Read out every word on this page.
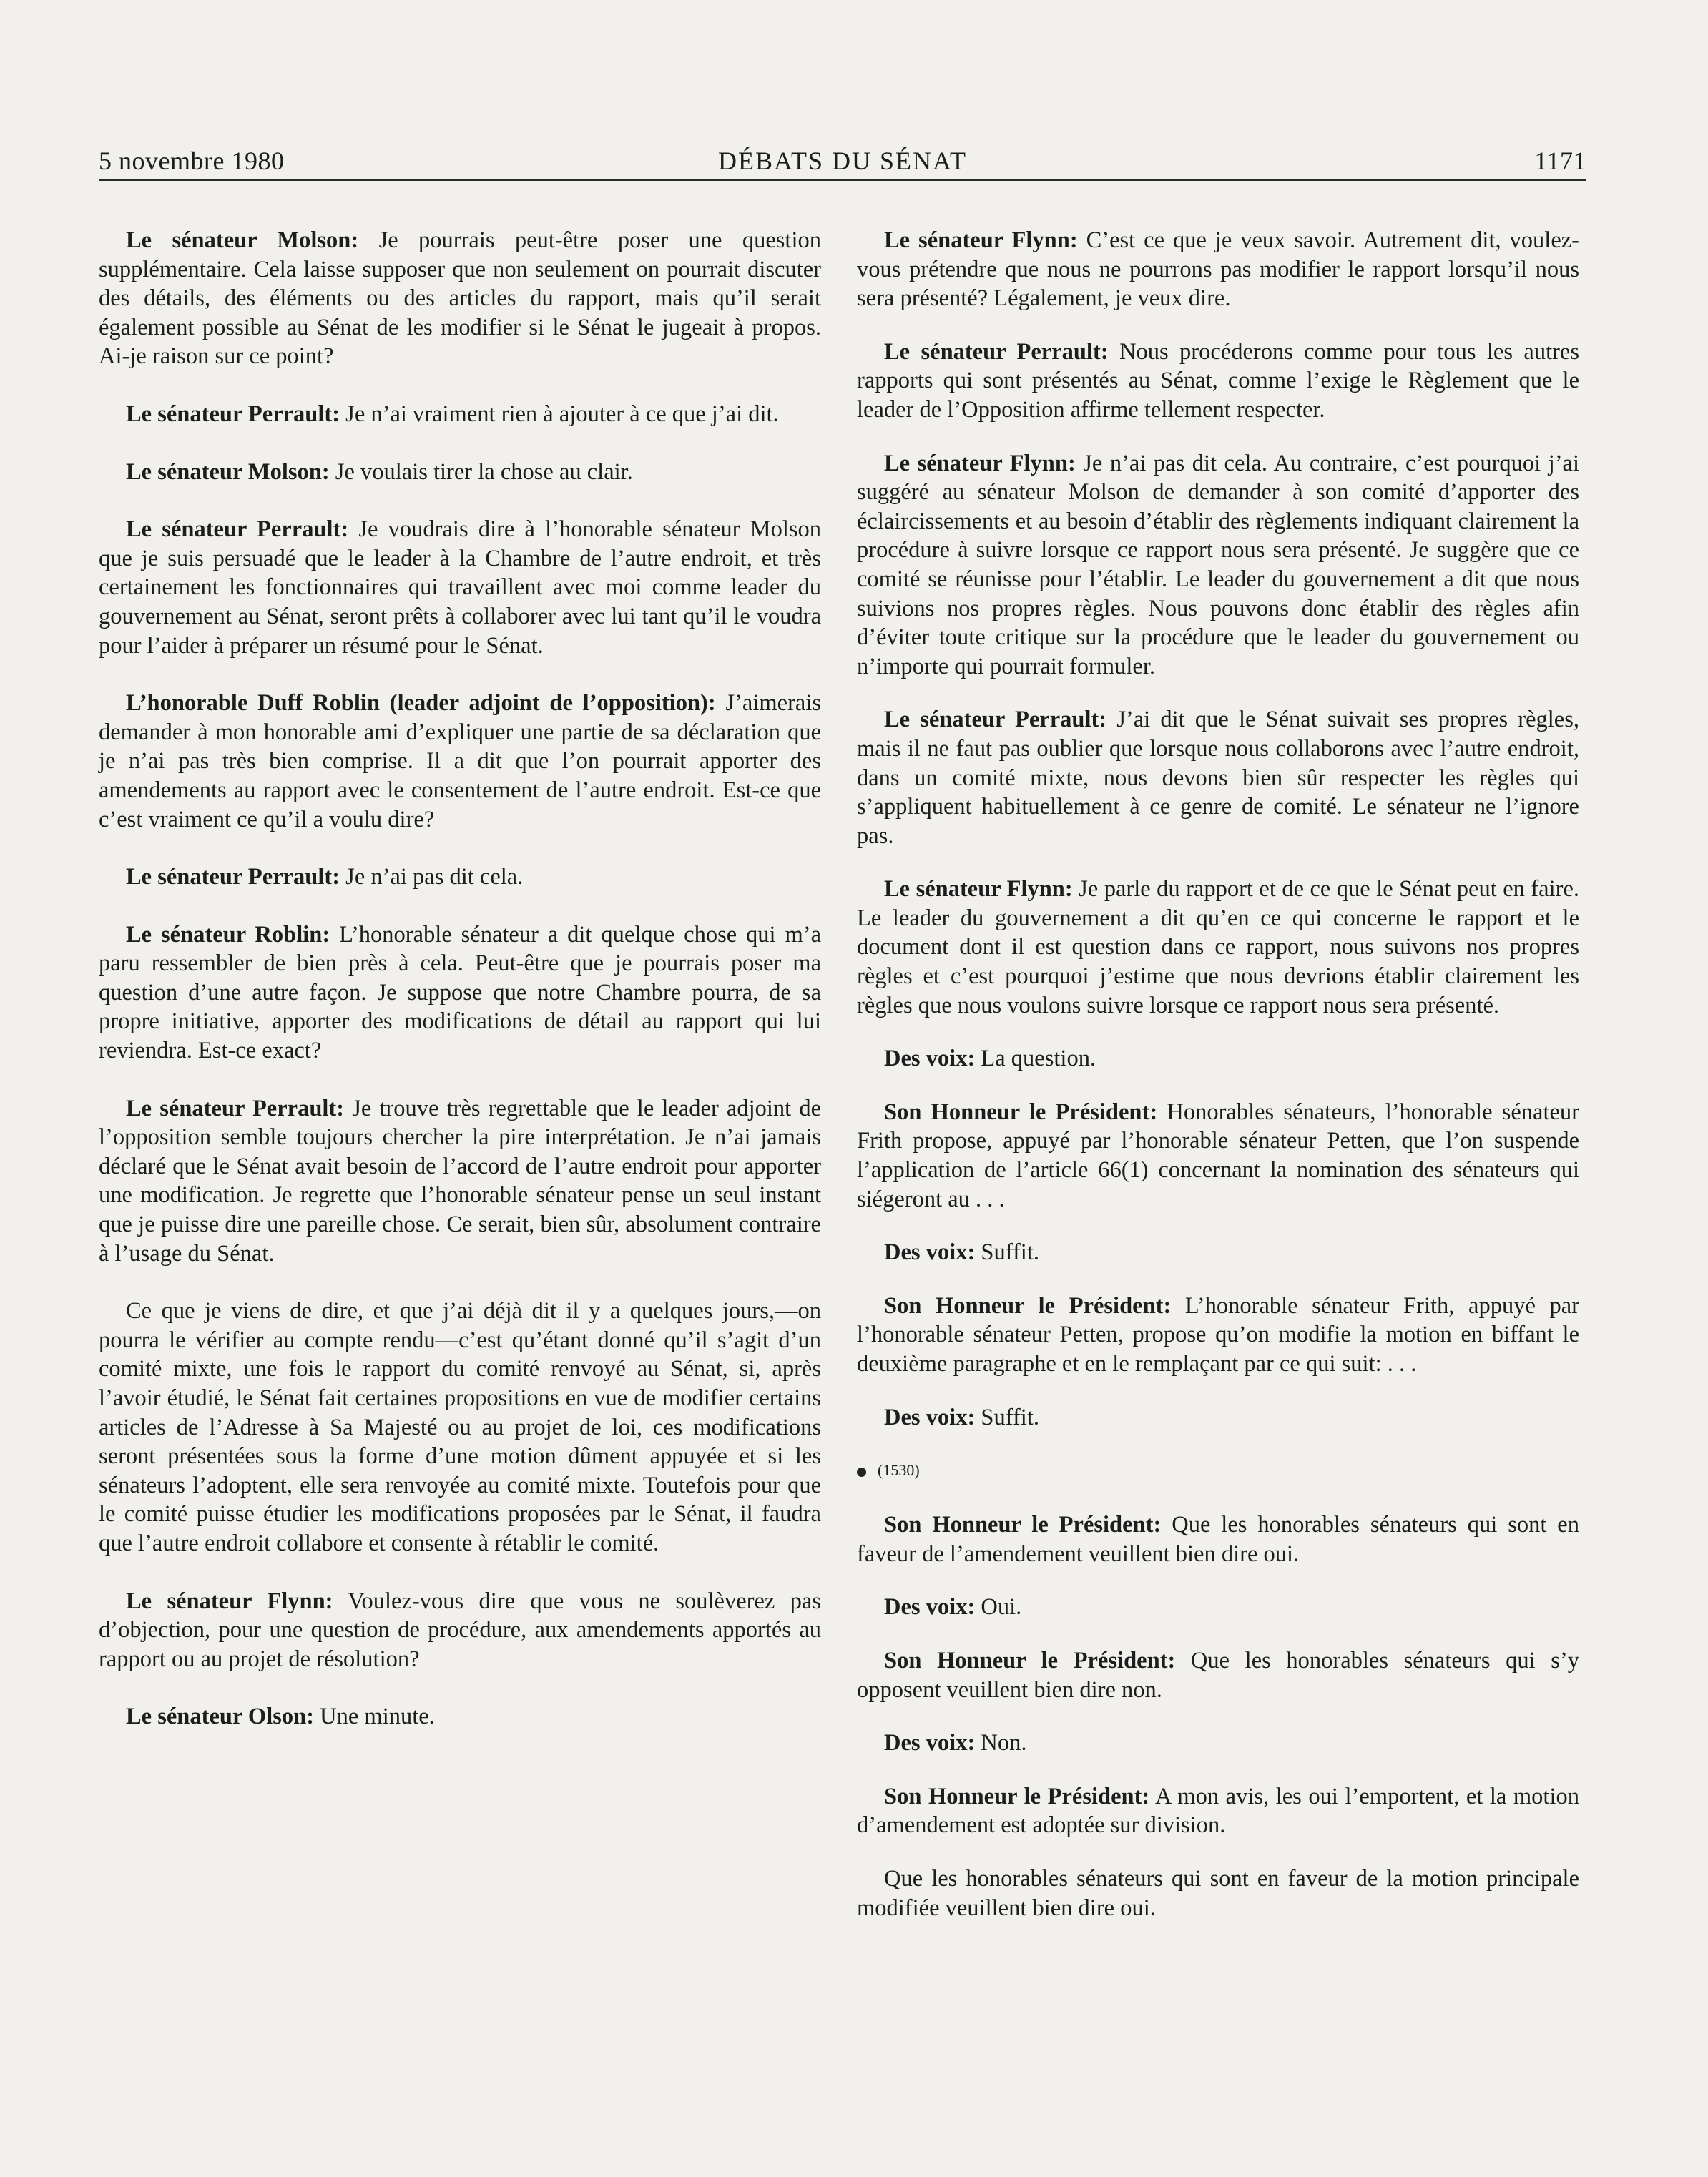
5 novembre 1980	DÉBATS DU SÉNAT	1171

Le sénateur Molson: Je pourrais peut-être poser une question supplémentaire. Cela laisse supposer que non seulement on pourrait discuter des détails, des éléments ou des articles du rapport, mais qu’il serait également possible au Sénat de les modifier si le Sénat le jugeait à propos. Ai-je raison sur ce point?

Le sénateur Perrault: Je n’ai vraiment rien à ajouter à ce que j’ai dit.

Le sénateur Molson: Je voulais tirer la chose au clair.

Le sénateur Perrault: Je voudrais dire à l’honorable sénateur Molson que je suis persuadé que le leader à la Chambre de l’autre endroit, et très certainement les fonctionnaires qui travaillent avec moi comme leader du gouvernement au Sénat, seront prêts à collaborer avec lui tant qu’il le voudra pour l’aider à préparer un résumé pour le Sénat.

L’honorable Duff Roblin (leader adjoint de l’opposition): J’aimerais demander à mon honorable ami d’expliquer une partie de sa déclaration que je n’ai pas très bien comprise. Il a dit que l’on pourrait apporter des amendements au rapport avec le consentement de l’autre endroit. Est-ce que c’est vraiment ce qu’il a voulu dire?

Le sénateur Perrault: Je n’ai pas dit cela.

Le sénateur Roblin: L’honorable sénateur a dit quelque chose qui m’a paru ressembler de bien près à cela. Peut-être que je pourrais poser ma question d’une autre façon. Je suppose que notre Chambre pourra, de sa propre initiative, apporter des modifications de détail au rapport qui lui reviendra. Est-ce exact?

Le sénateur Perrault: Je trouve très regrettable que le leader adjoint de l’opposition semble toujours chercher la pire interprétation. Je n’ai jamais déclaré que le Sénat avait besoin de l’accord de l’autre endroit pour apporter une modification. Je regrette que l’honorable sénateur pense un seul instant que je puisse dire une pareille chose. Ce serait, bien sûr, absolument contraire à l’usage du Sénat.

Ce que je viens de dire, et que j’ai déjà dit il y a quelques jours,—on pourra le vérifier au compte rendu—c’est qu’étant donné qu’il s’agit d’un comité mixte, une fois le rapport du comité renvoyé au Sénat, si, après l’avoir étudié, le Sénat fait certaines propositions en vue de modifier certains articles de l’Adresse à Sa Majesté ou au projet de loi, ces modifications seront présentées sous la forme d’une motion dûment appuyée et si les sénateurs l’adoptent, elle sera renvoyée au comité mixte. Toutefois pour que le comité puisse étudier les modifications proposées par le Sénat, il faudra que l’autre endroit collabore et consente à rétablir le comité.

Le sénateur Flynn: Voulez-vous dire que vous ne soulèverez pas d’objection, pour une question de procédure, aux amendements apportés au rapport ou au projet de résolution?

Le sénateur Olson: Une minute.

Le sénateur Flynn: C’est ce que je veux savoir. Autrement dit, voulez-vous prétendre que nous ne pourrons pas modifier le rapport lorsqu’il nous sera présenté? Légalement, je veux dire.

Le sénateur Perrault: Nous procéderons comme pour tous les autres rapports qui sont présentés au Sénat, comme l’exige le Règlement que le leader de l’Opposition affirme tellement respecter.

Le sénateur Flynn: Je n’ai pas dit cela. Au contraire, c’est pourquoi j’ai suggéré au sénateur Molson de demander à son comité d’apporter des éclaircissements et au besoin d’établir des règlements indiquant clairement la procédure à suivre lorsque ce rapport nous sera présenté. Je suggère que ce comité se réunisse pour l’établir. Le leader du gouvernement a dit que nous suivions nos propres règles. Nous pouvons donc établir des règles afin d’éviter toute critique sur la procédure que le leader du gouvernement ou n’importe qui pourrait formuler.

Le sénateur Perrault: J’ai dit que le Sénat suivait ses propres règles, mais il ne faut pas oublier que lorsque nous collaborons avec l’autre endroit, dans un comité mixte, nous devons bien sûr respecter les règles qui s’appliquent habituellement à ce genre de comité. Le sénateur ne l’ignore pas.

Le sénateur Flynn: Je parle du rapport et de ce que le Sénat peut en faire. Le leader du gouvernement a dit qu’en ce qui concerne le rapport et le document dont il est question dans ce rapport, nous suivons nos propres règles et c’est pourquoi j’estime que nous devrions établir clairement les règles que nous voulons suivre lorsque ce rapport nous sera présenté.

Des voix: La question.

Son Honneur le Président: Honorables sénateurs, l’honorable sénateur Frith propose, appuyé par l’honorable sénateur Petten, que l’on suspende l’application de l’article 66(1) concernant la nomination des sénateurs qui siégeront au . . .

Des voix: Suffit.

Son Honneur le Président: L’honorable sénateur Frith, appuyé par l’honorable sénateur Petten, propose qu’on modifie la motion en biffant le deuxième paragraphe et en le remplaçant par ce qui suit: . . .

Des voix: Suffit.

(1530)

Son Honneur le Président: Que les honorables sénateurs qui sont en faveur de l’amendement veuillent bien dire oui.

Des voix: Oui.

Son Honneur le Président: Que les honorables sénateurs qui s’y opposent veuillent bien dire non.

Des voix: Non.

Son Honneur le Président: A mon avis, les oui l’emportent, et la motion d’amendement est adoptée sur division.

Que les honorables sénateurs qui sont en faveur de la motion principale modifiée veuillent bien dire oui.
